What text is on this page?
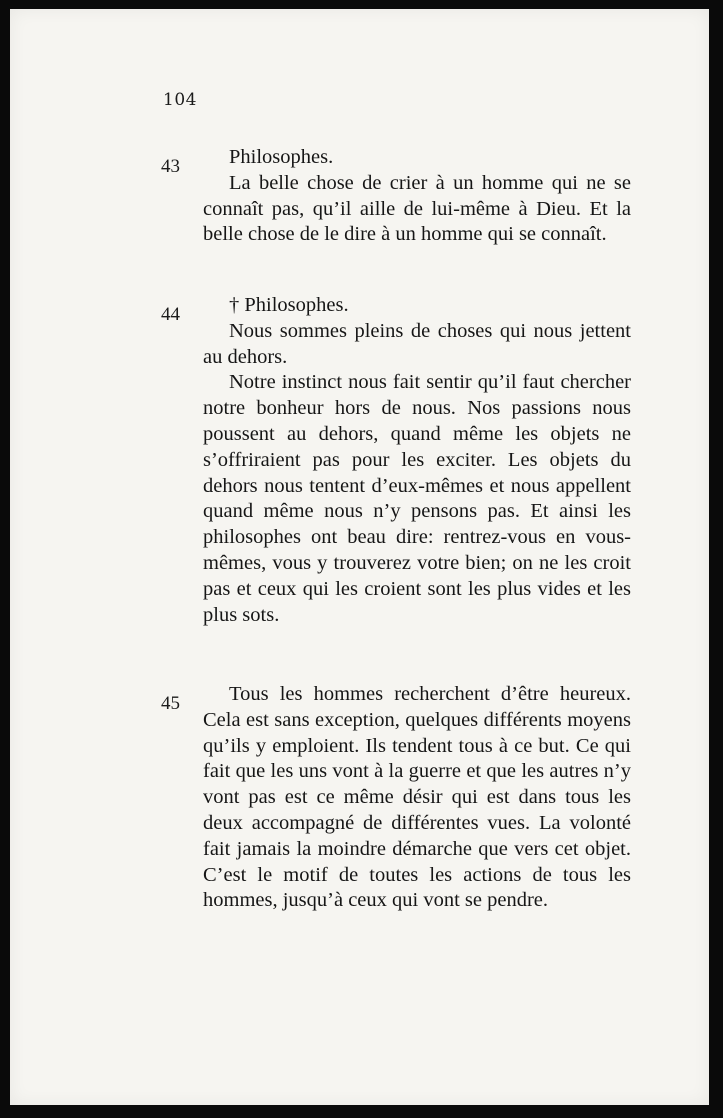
104
43	Philosophes.

La belle chose de crier à un homme qui ne se connaît pas, qu’il aille de lui-même à Dieu. Et la belle chose de le dire à un homme qui se connaît.

44	† Philosophes.

Nous sommes pleins de choses qui nous jettent au dehors.

Notre instinct nous fait sentir qu’il faut chercher notre bonheur hors de nous. Nos passions nous poussent au dehors, quand même les objets ne s’offriraient pas pour les exciter. Les objets du dehors nous tentent d’eux-mêmes et nous appellent quand même nous n’y pensons pas. Et ainsi les philosophes ont beau dire: rentrez-vous en vous-mêmes, vous y trouverez votre bien; on ne les croit pas et ceux qui les croient sont les plus vides et les plus sots.

45	Tous les hommes recherchent d’être heureux. Cela est sans exception, quelques différents moyens qu’ils y emploient. Ils tendent tous à ce but. Ce qui fait que les uns vont à la guerre et que les autres n’y vont pas est ce même désir qui est dans tous les deux accompagné de différentes vues. La volonté fait jamais la moindre démarche que vers cet objet. C’est le motif de toutes les actions de tous les hommes, jusqu’à ceux qui vont se pendre.
